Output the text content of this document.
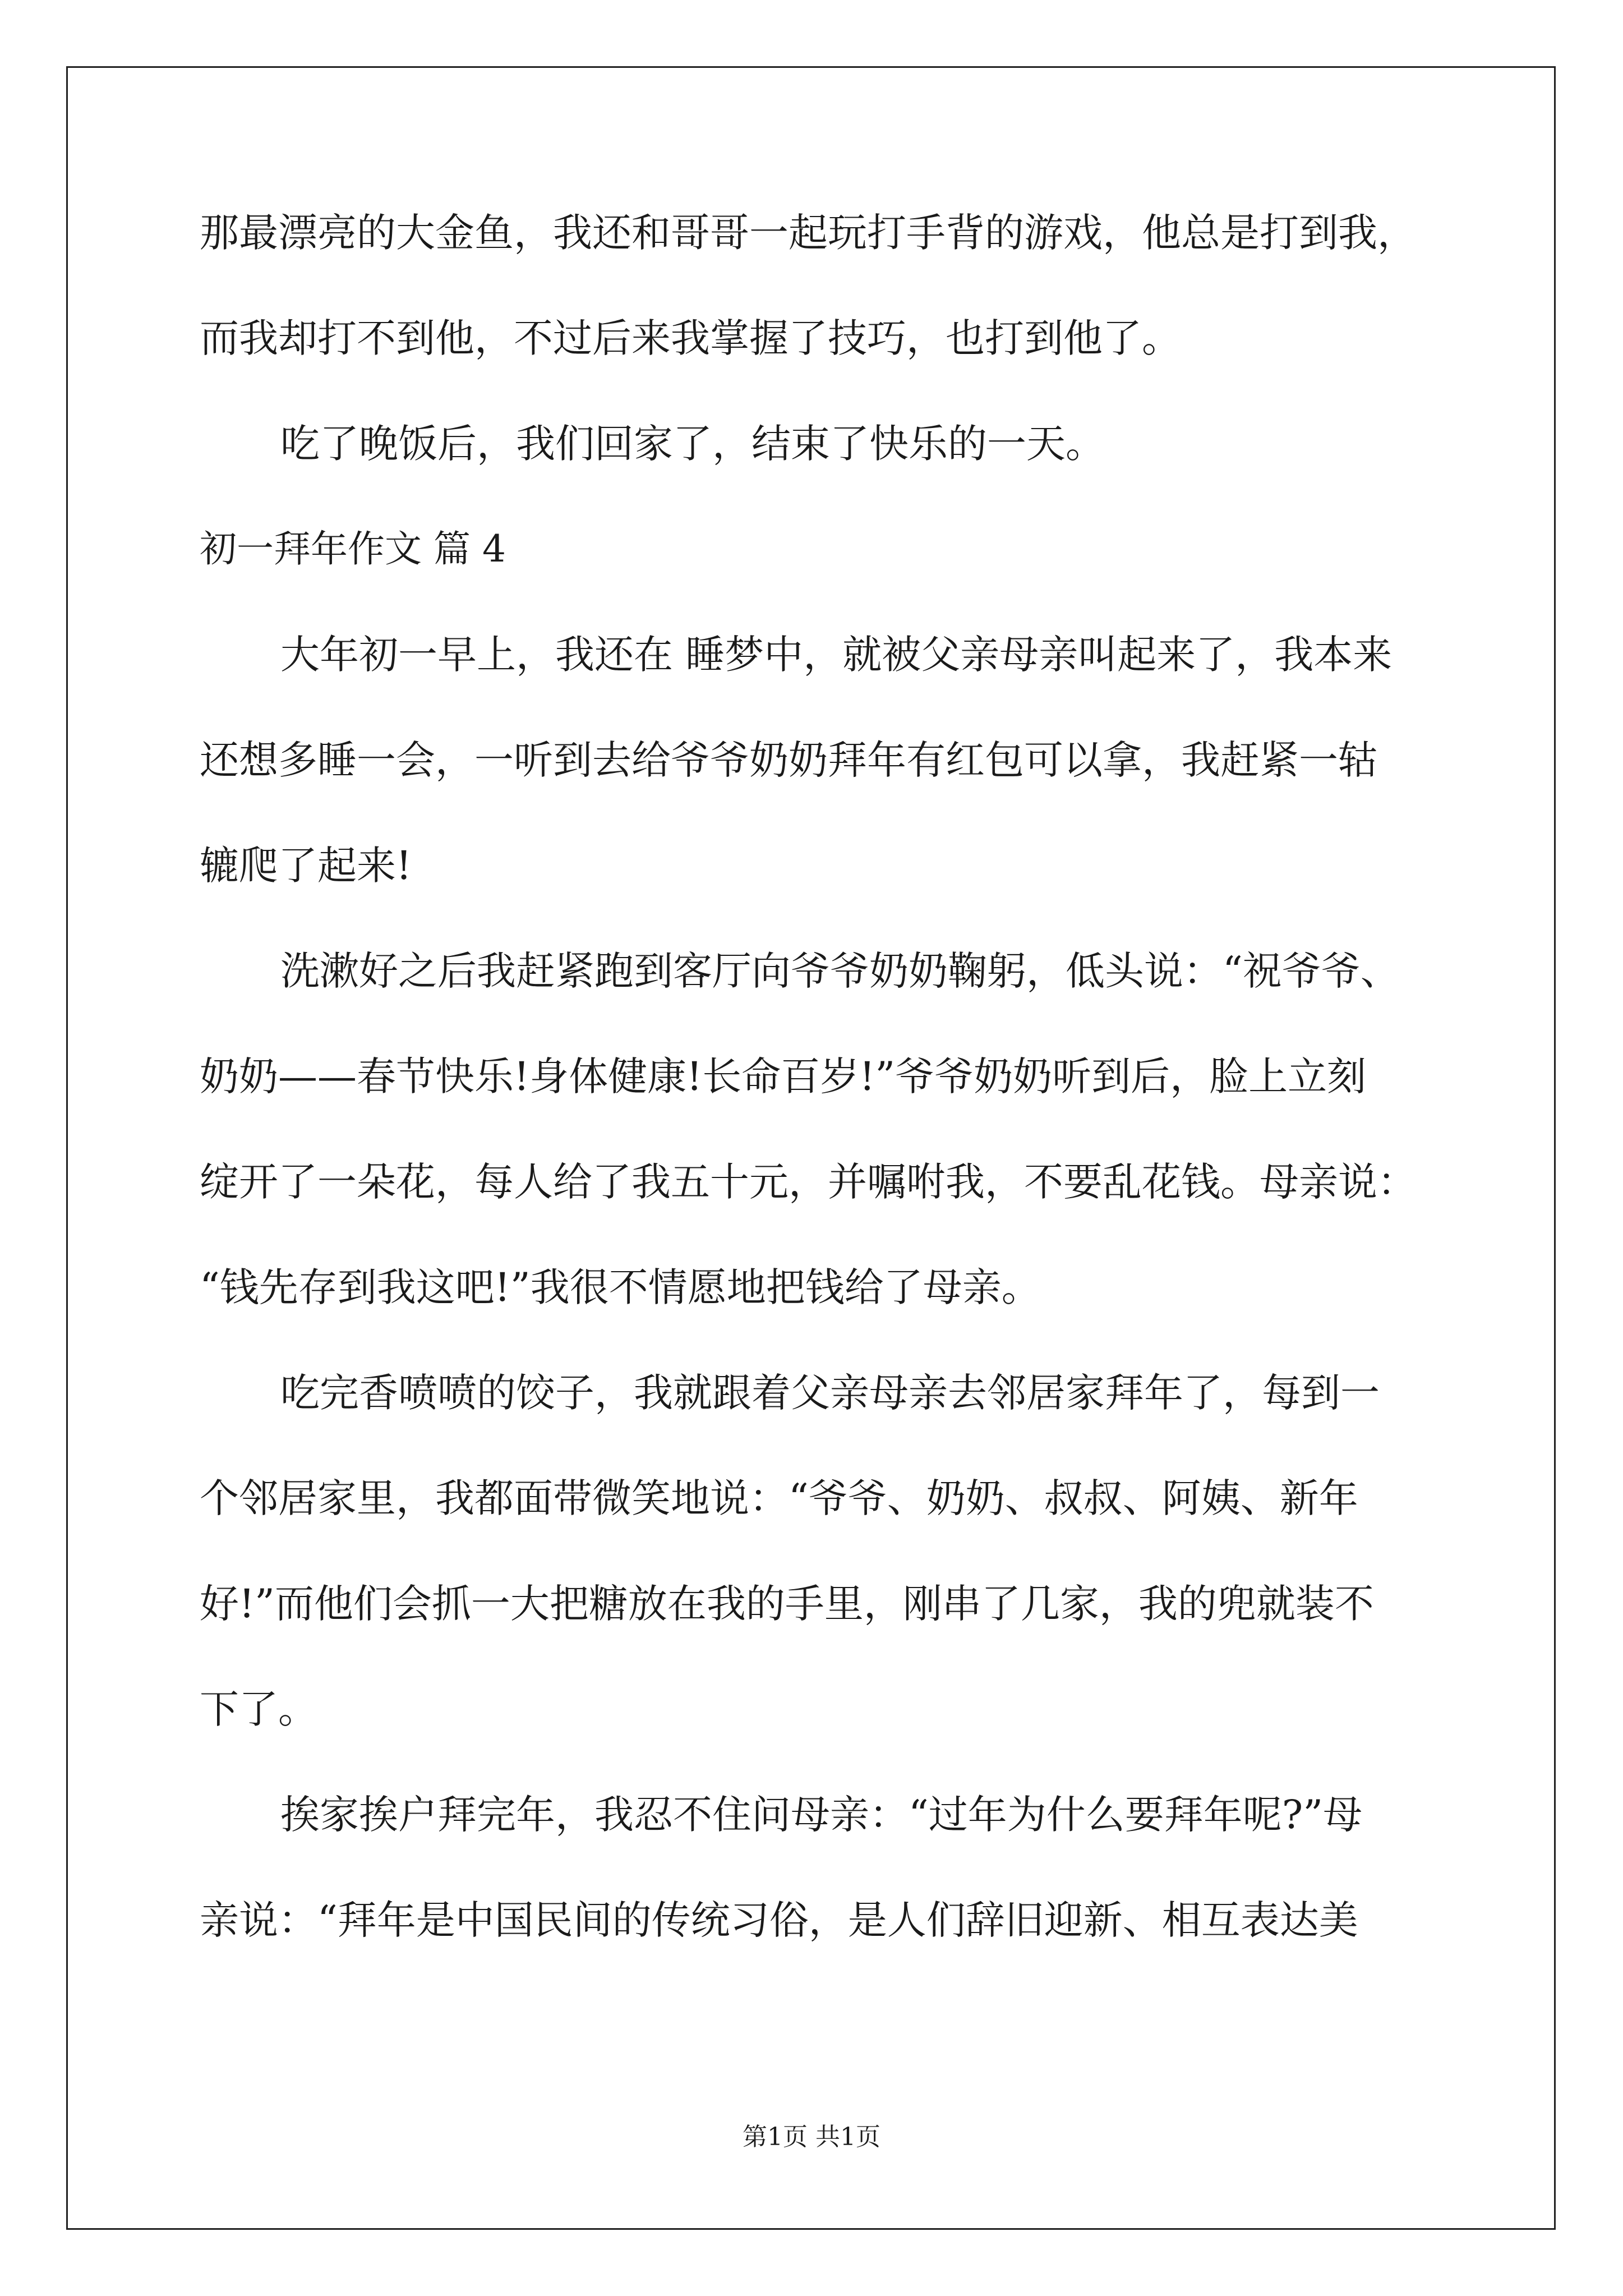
那最漂亮的大金鱼，我还和哥哥一起玩打手背的游戏，他总是打到我，
而我却打不到他，不过后来我掌握了技巧，也打到他了。
吃了晚饭后，我们回家了，结束了快乐的一天。
初一拜年作文 篇 4
大年初一早上，我还在 睡梦中，就被父亲母亲叫起来了，我本来
还想多睡一会，一听到去给爷爷奶奶拜年有红包可以拿，我赶紧一轱
辘爬了起来!
洗漱好之后我赶紧跑到客厅向爷爷奶奶鞠躬，低头说：“祝爷爷、
奶奶——春节快乐!身体健康!长命百岁!”爷爷奶奶听到后，脸上立刻
绽开了一朵花，每人给了我五十元，并嘱咐我，不要乱花钱。母亲说：
“钱先存到我这吧!”我很不情愿地把钱给了母亲。
吃完香喷喷的饺子，我就跟着父亲母亲去邻居家拜年了，每到一
个邻居家里，我都面带微笑地说：“爷爷、奶奶、叔叔、阿姨、新年
好!”而他们会抓一大把糖放在我的手里，刚串了几家，我的兜就装不
下了。
挨家挨户拜完年，我忍不住问母亲：“过年为什么要拜年呢?”母
亲说：“拜年是中国民间的传统习俗，是人们辞旧迎新、相互表达美
第1页 共1页
